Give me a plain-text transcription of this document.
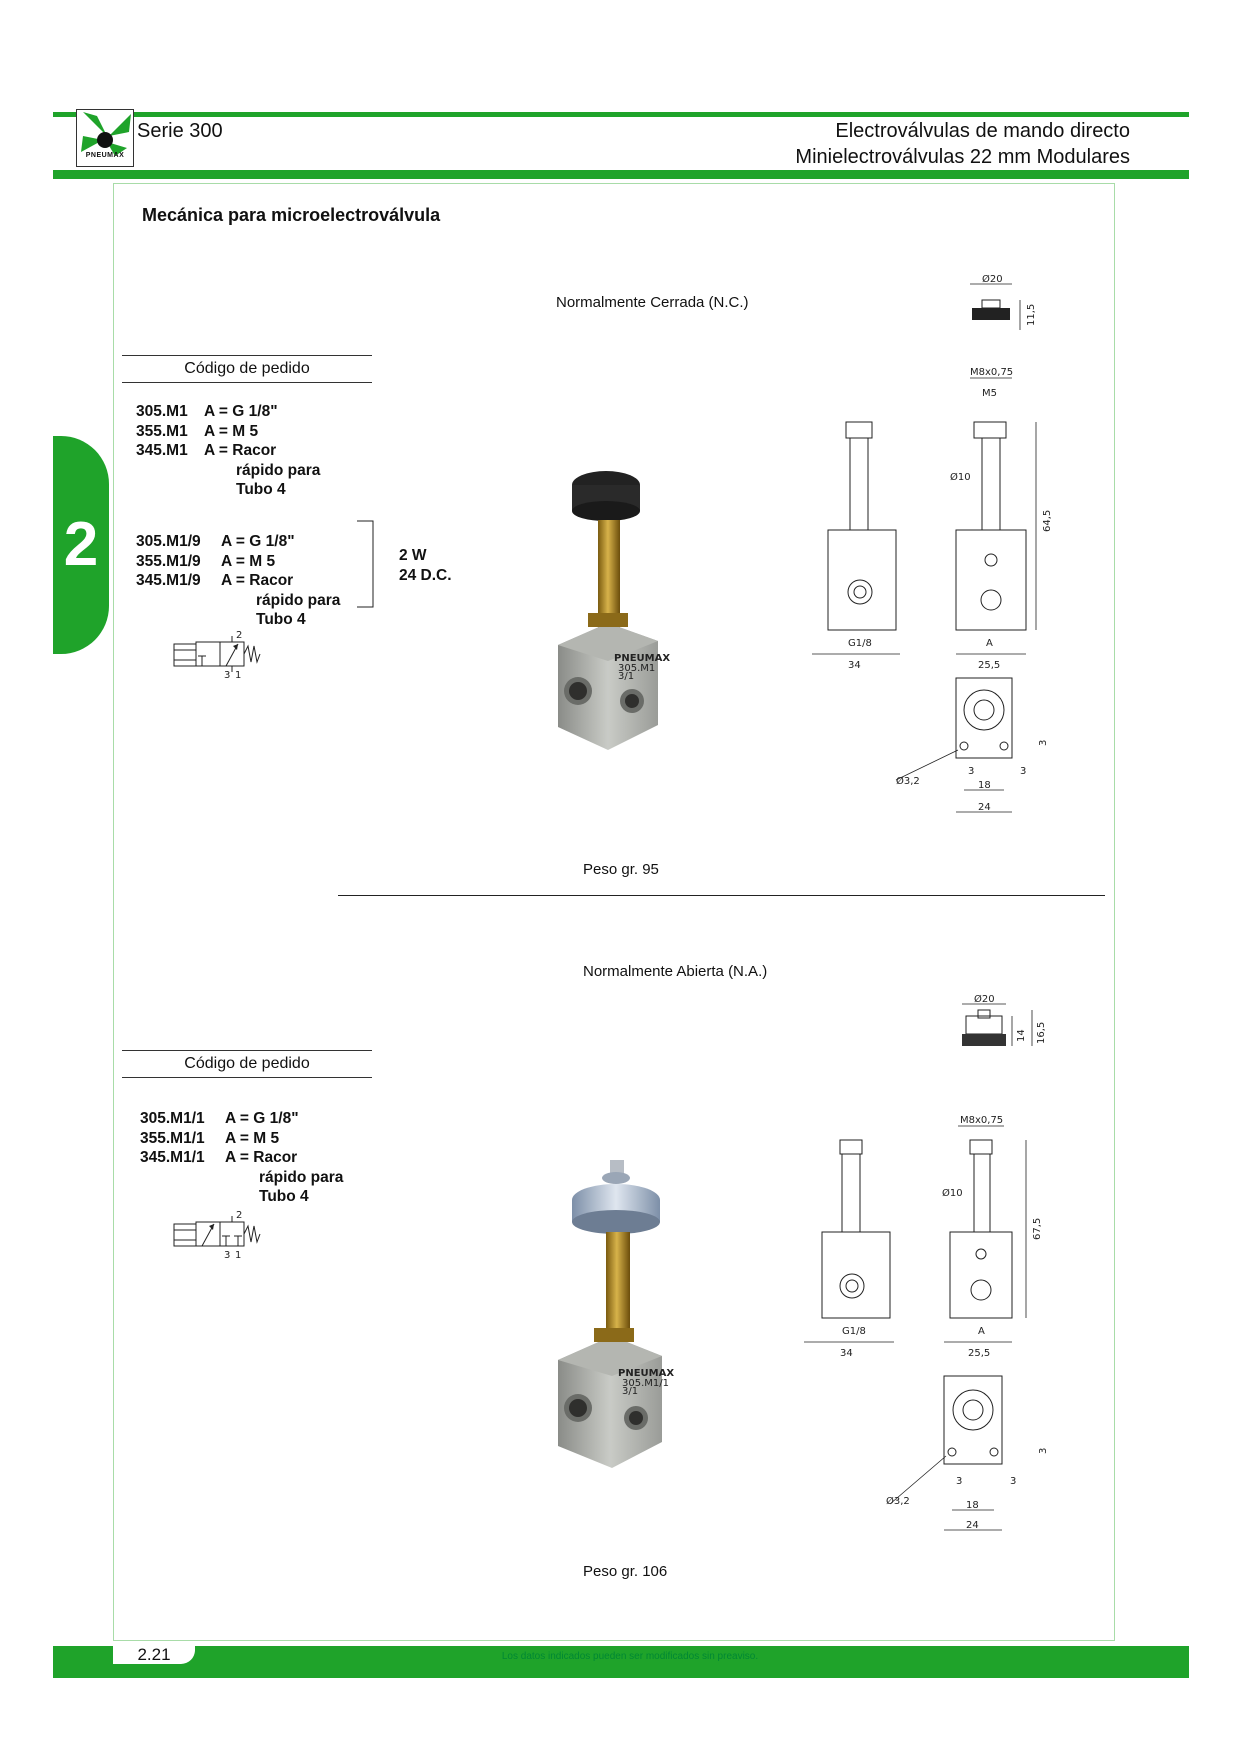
PNEUMAX
Serie 300	Electroválvulas de mando directo
Minielectroválvulas 22 mm Modulares
2
Mecánica para microelectroválvula
Normalmente Cerrada (N.C.)
Código de pedido
305.M1	A = G 1/8"
355.M1	A = M 5
345.M1	A = Racor
rápido para
Tubo 4
305.M1/9	A = G 1/8"
355.M1/9	A = M 5
345.M1/9	A = Racor
rápido para
Tubo 4
2 W
24 D.C.
2
3 1
PNEUMAX
305.M1
3/1
Ø20
11,5
M8x0,75
M5
Ø10
64,5
A
25,5
G1/8
34
3
Ø3,2
3	3
18
24
Peso gr. 95
Normalmente Abierta (N.A.)
Código de pedido
305.M1/1	A = G 1/8"
355.M1/1	A = M 5
345.M1/1	A = Racor
rápido para
Tubo 4
2
3 1
PNEUMAX
305.M1/1
3/1
Ø20
14 16,5
M8x0,75
Ø10
67,5
A
25,5
G1/8
34
3
Ø3,2
3	3
18
24
Peso gr. 106
2.21	Los datos indicados pueden ser modificados sin preaviso.
